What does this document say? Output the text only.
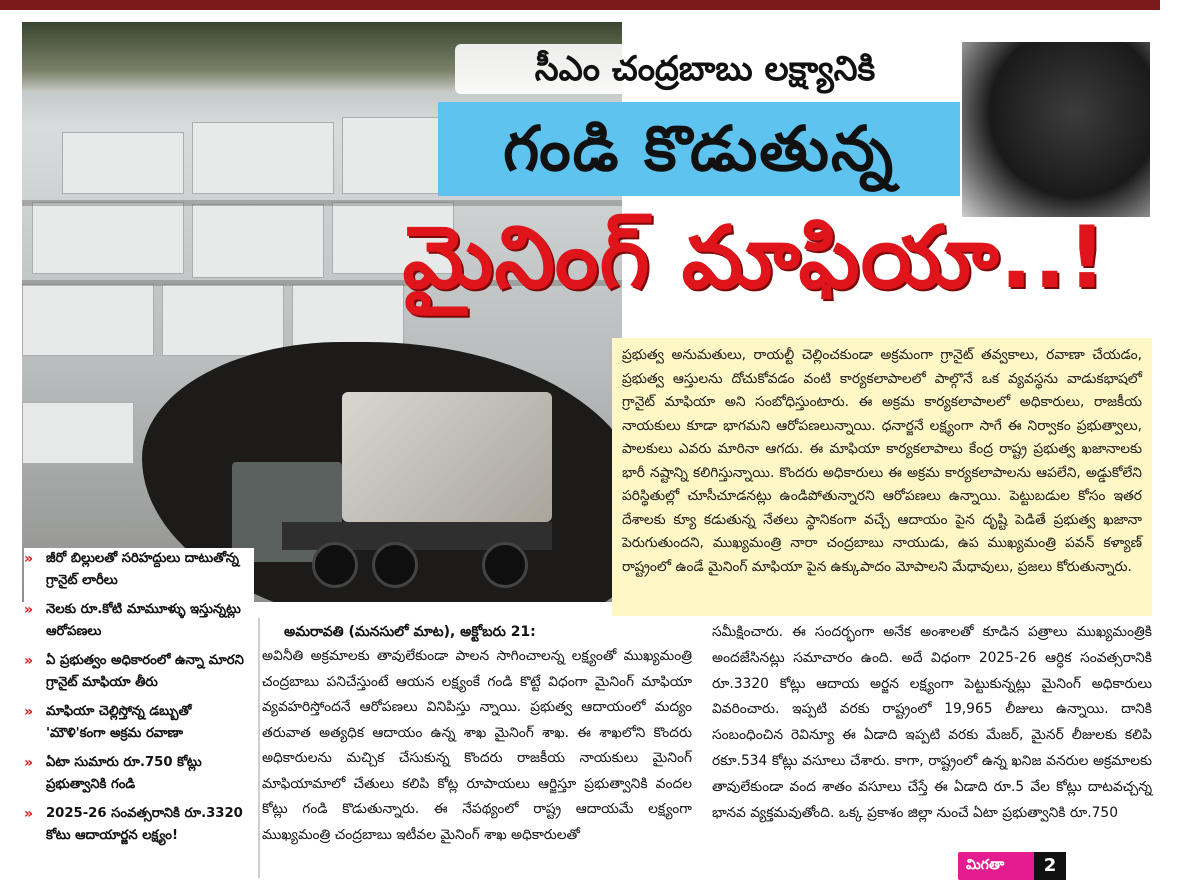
సీఎం చంద్రబాబు లక్ష్యానికి
గండి కొడుతున్న
మైనింగ్ మాఫియా..!
ప్రభుత్వ అనుమతులు, రాయల్టీ చెల్లించకుండా అక్రమంగా గ్రానైట్ తవ్వకాలు, రవాణా చేయడం, ప్రభుత్వ ఆస్తులను దోచుకోవడం వంటి కార్యకలాపాలలో పాల్గొనే ఒక వ్యవస్థను వాడుకభాషలో గ్రానైట్ మాఫియా అని సంబోధిస్తుంటారు. ఈ అక్రమ కార్యకలాపాలలో అధికారులు, రాజకీయ నాయకులు కూడా భాగమని ఆరోపణలున్నాయి. ధనార్జనే లక్ష్యంగా సాగే ఈ నిర్వాకం ప్రభుత్వాలు, పాలకులు ఎవరు మారినా ఆగదు. ఈ మాఫియా కార్యకలాపాలు కేంద్ర రాష్ట్ర ప్రభుత్వ ఖజానాలకు భారీ నష్టాన్ని కలిగిస్తున్నాయి. కొందరు అధికారులు ఈ అక్రమ కార్యకలాపాలను ఆపలేని, అడ్డుకోలేని పరిస్థితుల్లో చూసీచూడనట్లు ఉండిపోతున్నారని ఆరోపణలు ఉన్నాయి. పెట్టుబడుల కోసం ఇతర దేశాలకు క్యూ కడుతున్న నేతలు స్థానికంగా వచ్చే ఆదాయం పైన దృష్టి పెడితే ప్రభుత్వ ఖజానా పెరుగుతుందని, ముఖ్యమంత్రి నారా చంద్రబాబు నాయుడు, ఉప ముఖ్యమంత్రి పవన్ కళ్యాణ్ రాష్ట్రంలో ఉండే మైనింగ్ మాఫియా పైన ఉక్కుపాదం మోపాలని మేధావులు, ప్రజలు కోరుతున్నారు.
» జీరో బిల్లులతో సరిహద్దులు దాటుతోన్న గ్రానైట్ లారీలు
» నెలకు రూ.కోటి మామూళ్ళు ఇస్తున్నట్లు ఆరోపణలు
» ఏ ప్రభుత్వం అధికారంలో ఉన్నా మారని గ్రానైట్ మాఫియా తీరు
» మాఫియా చెల్లిస్తోన్న డబ్బుతో 'మౌళి'కంగా అక్రమ రవాణా
» ఏటా సుమారు రూ.750 కోట్లు ప్రభుత్వానికి గండి
» 2025-26 సంవత్సరానికి రూ.3320 కోటు ఆదాయార్జన లక్ష్యం!
అమరావతి (మనసులో మాట), అక్టోబరు 21:
అవినీతి అక్రమాలకు తావులేకుండా పాలన సాగించాలన్న లక్ష్యంతో ముఖ్యమంత్రి చంద్రబాబు పనిచేస్తుంటే ఆయన లక్ష్యంకే గండి కొట్టే విధంగా మైనింగ్ మాఫియా వ్యవహరిస్తోందనే ఆరోపణలు వినిపిస్తు న్నాయి. ప్రభుత్వ ఆదాయంలో మద్యం తరువాత అత్యధిక ఆదాయం ఉన్న శాఖ మైనింగ్ శాఖ. ఈ శాఖలోని కొందరు అధికారులను మచ్చిక చేసుకున్న కొందరు రాజకీయ నాయకులు మైనింగ్ మాఫియామాలో చేతులు కలిపి కోట్ల రూపాయలు ఆర్జిస్తూ ప్రభుత్వానికి వందల కోట్లు గండి కొడుతున్నారు. ఈ నేపథ్యంలో రాష్ట్ర ఆదాయమే లక్ష్యంగా ముఖ్యమంత్రి చంద్రబాబు ఇటీవల మైనింగ్ శాఖ అధికారులతో
సమీక్షించారు. ఈ సందర్భంగా అనేక అంశాలతో కూడిన పత్రాలు ముఖ్యమంత్రికి అందజేసినట్లు సమాచారం ఉంది. అదే విధంగా 2025-26 ఆర్ధిక సంవత్సరానికి రూ.3320 కోట్లు ఆదాయ అర్జన లక్ష్యంగా పెట్టుకున్నట్లు మైనింగ్ అధికారులు వివరించారు. ఇప్పటి వరకు రాష్ట్రంలో 19,965 లీజులు ఉన్నాయి. దానికి సంబంధించిన రెవిన్యూ ఈ ఏడాది ఇప్పటి వరకు మేజర్, మైనర్ లీజులకు కలిపి రకూ.534 కోట్లు వసూలు చేశారు. కాగా, రాష్ట్రంలో ఉన్న ఖనిజ వనరుల అక్రమాలకు తావులేకుండా వంద శాతం వసూలు చేస్తే ఈ ఏడాది రూ.5 వేల కోట్లు దాటవచ్చన్న భానవ వ్యక్తమవుతోంది. ఒక్క ప్రకాశం జిల్లా నుంచే ఏటా ప్రభుత్వానికి రూ.750
మిగతా	2
